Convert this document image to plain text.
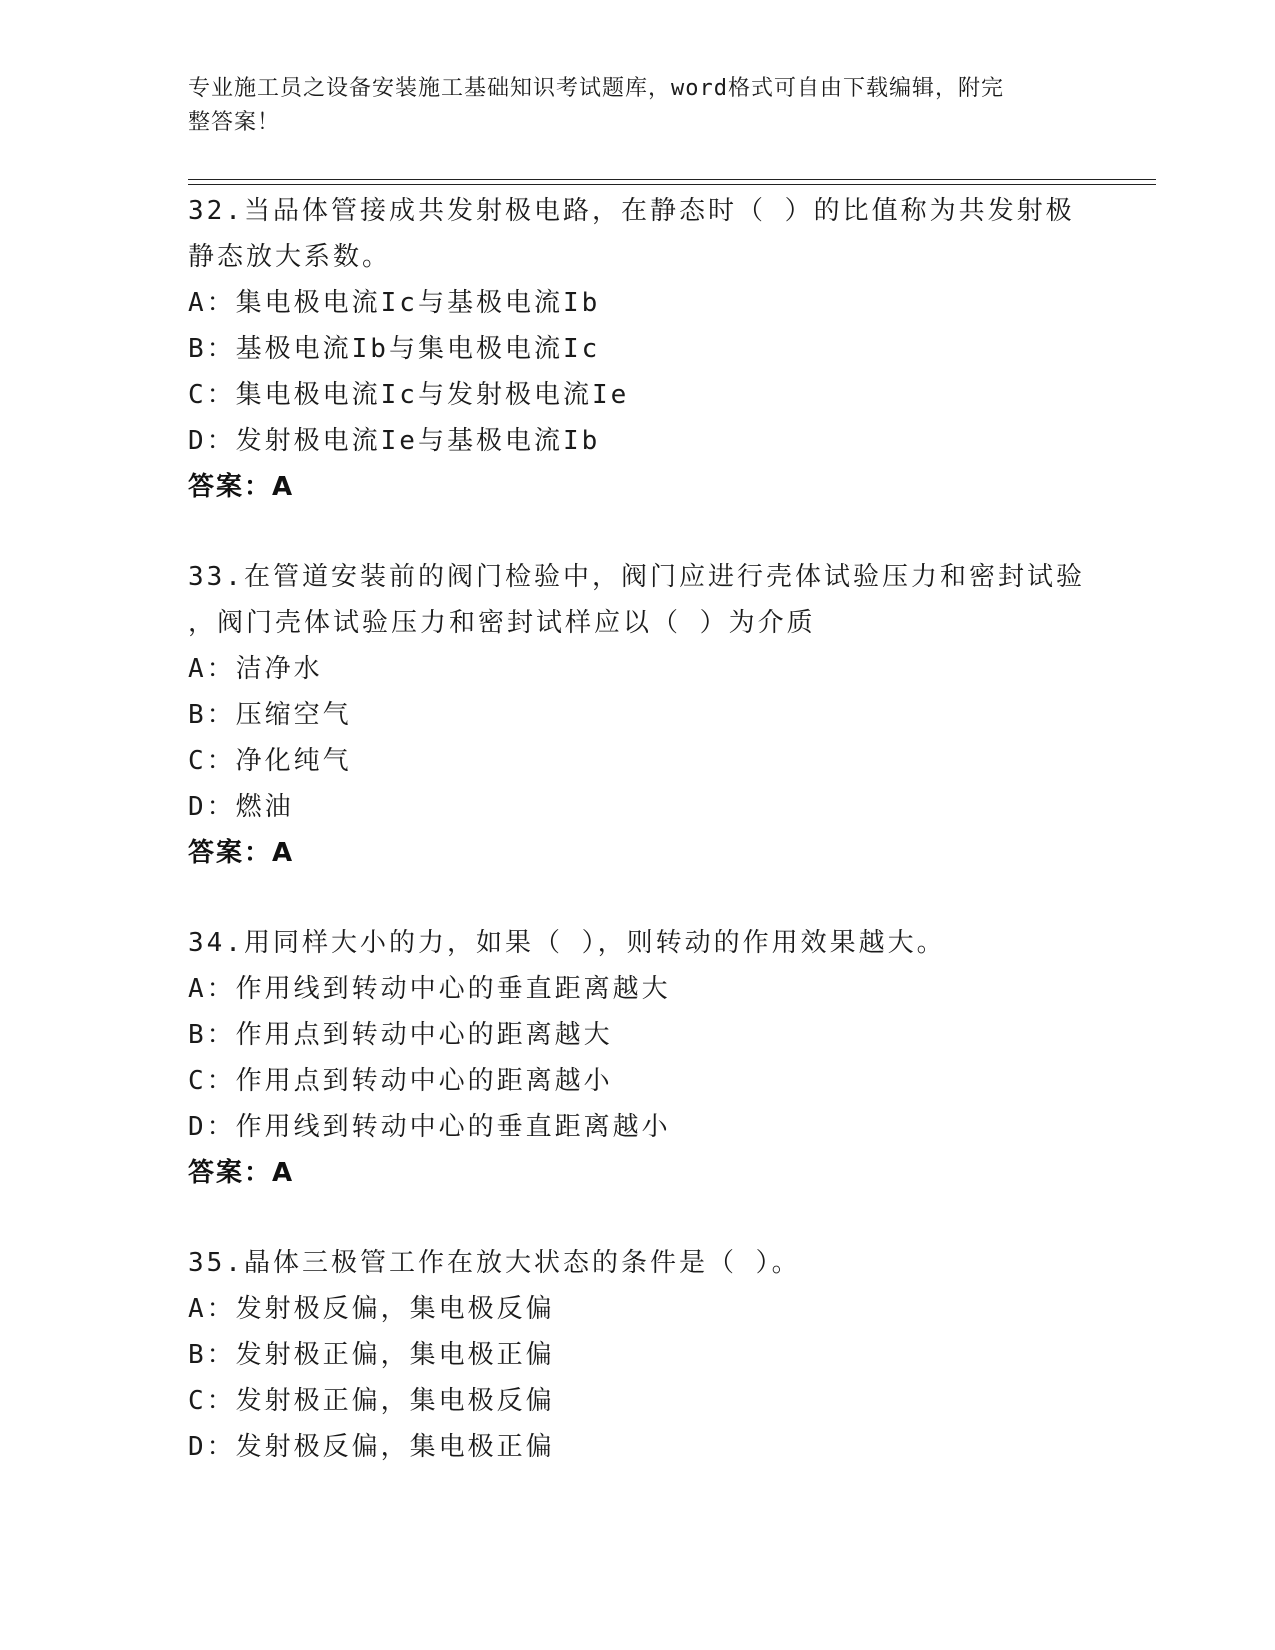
专业施工员之设备安装施工基础知识考试题库，word格式可自由下载编辑，附完
整答案！
32.当品体管接成共发射极电路，在静态时（ ）的比值称为共发射极
静态放大系数。
A：集电极电流Ic与基极电流Ib
B：基极电流Ib与集电极电流Ic
C：集电极电流Ic与发射极电流Ie
D：发射极电流Ie与基极电流Ib
答案：A
33.在管道安装前的阀门检验中，阀门应进行壳体试验压力和密封试验
，阀门壳体试验压力和密封试样应以（ ）为介质
A：洁净水
B：压缩空气
C：净化纯气
D：燃油
答案：A
34.用同样大小的力，如果（ ），则转动的作用效果越大。
A：作用线到转动中心的垂直距离越大
B：作用点到转动中心的距离越大
C：作用点到转动中心的距离越小
D：作用线到转动中心的垂直距离越小
答案：A
35.晶体三极管工作在放大状态的条件是（ ）。
A：发射极反偏，集电极反偏
B：发射极正偏，集电极正偏
C：发射极正偏，集电极反偏
D：发射极反偏，集电极正偏
